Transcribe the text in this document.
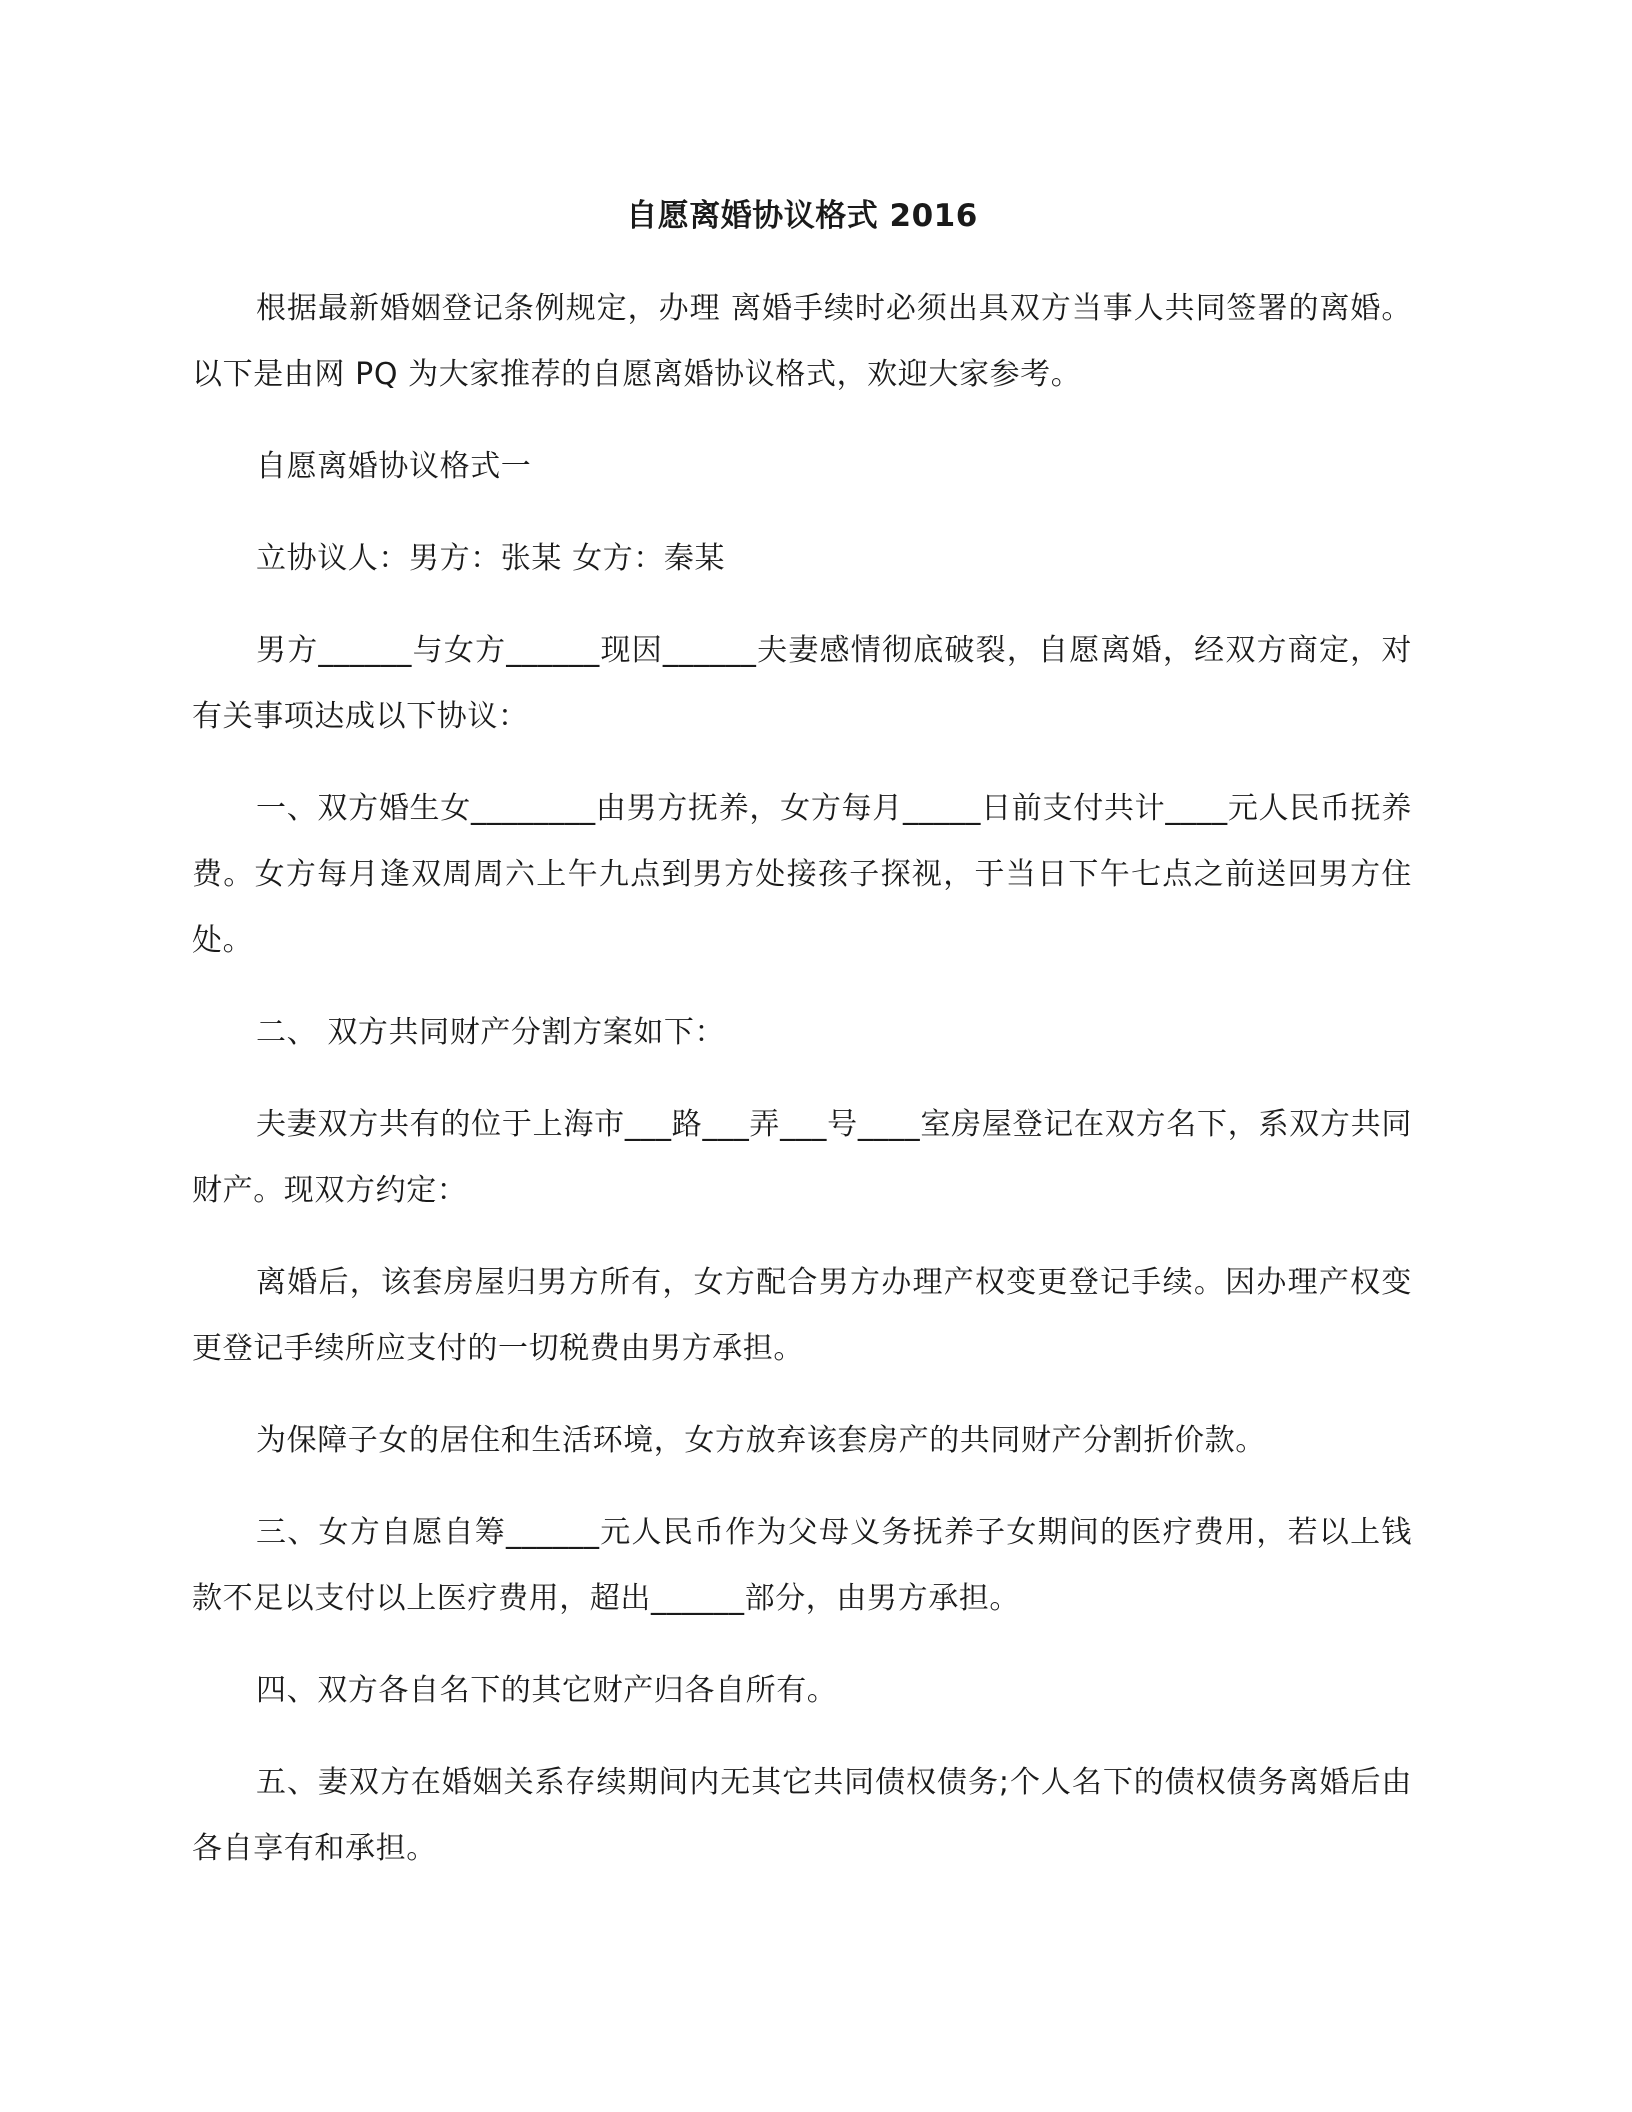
自愿离婚协议格式 2016

根据最新婚姻登记条例规定，办理 离婚手续时必须出具双方当事人共同签署的离婚。以下是由网 PQ 为大家推荐的自愿离婚协议格式，欢迎大家参考。

自愿离婚协议格式一

立协议人：男方：张某 女方：秦某

男方______与女方______现因______夫妻感情彻底破裂，自愿离婚，经双方商定，对有关事项达成以下协议：

一、双方婚生女________由男方抚养，女方每月_____日前支付共计____元人民币抚养费。女方每月逢双周周六上午九点到男方处接孩子探视，于当日下午七点之前送回男方住处。

二、 双方共同财产分割方案如下：

夫妻双方共有的位于上海市___路___弄___号____室房屋登记在双方名下，系双方共同财产。现双方约定：

离婚后，该套房屋归男方所有，女方配合男方办理产权变更登记手续。因办理产权变更登记手续所应支付的一切税费由男方承担。

为保障子女的居住和生活环境，女方放弃该套房产的共同财产分割折价款。

三、女方自愿自筹______元人民币作为父母义务抚养子女期间的医疗费用，若以上钱款不足以支付以上医疗费用，超出______部分，由男方承担。

四、双方各自名下的其它财产归各自所有。

五、妻双方在婚姻关系存续期间内无其它共同债权债务;个人名下的债权债务离婚后由各自享有和承担。
